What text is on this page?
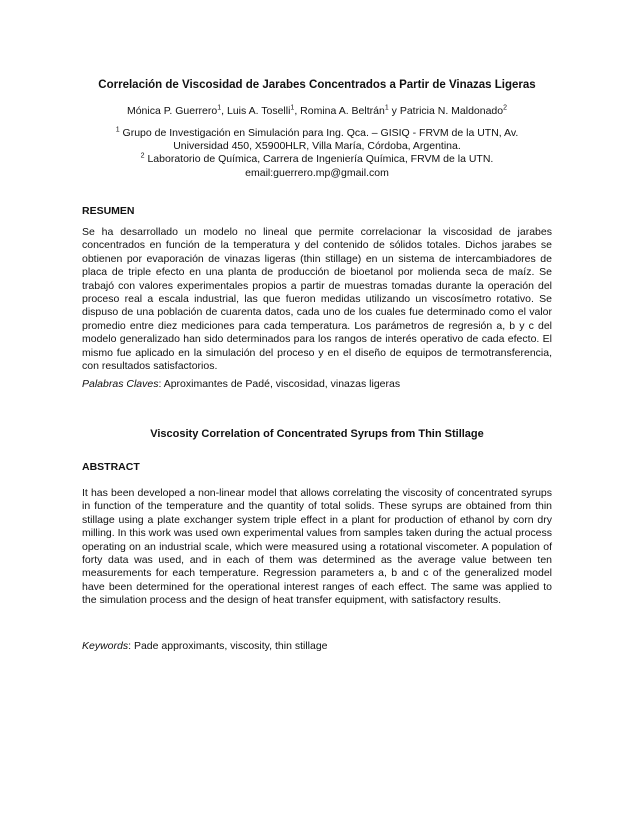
Correlación de Viscosidad de Jarabes Concentrados a Partir de Vinazas Ligeras
Mónica P. Guerrero$^1$, Luis A. Toselli$^1$, Romina A. Beltrán$^1$ y Patricia N. Maldonado$^2$
$^1$ Grupo de Investigación en Simulación para Ing. Qca. – GISIQ - FRVM de la UTN, Av.
Universidad 450, X5900HLR, Villa María, Córdoba, Argentina.
$^2$ Laboratorio de Química, Carrera de Ingeniería Química, FRVM de la UTN.
email:guerrero.mp@gmail.com
RESUMEN

Se ha desarrollado un modelo no lineal que permite correlacionar la viscosidad de jarabes concentrados en función de la temperatura y del contenido de sólidos totales. Dichos jarabes se obtienen por evaporación de vinazas ligeras (thin stillage) en un sistema de intercambiadores de placa de triple efecto en una planta de producción de bioetanol por molienda seca de maíz. Se trabajó con valores experimentales propios a partir de muestras tomadas durante la operación del proceso real a escala industrial, las que fueron medidas utilizando un viscosímetro rotativo. Se dispuso de una población de cuarenta datos, cada uno de los cuales fue determinado como el valor promedio entre diez mediciones para cada temperatura. Los parámetros de regresión a, b y c del modelo generalizado han sido determinados para los rangos de interés operativo de cada efecto. El mismo fue aplicado en la simulación del proceso y en el diseño de equipos de termotransferencia, con resultados satisfactorios.

Palabras Claves: Aproximantes de Padé, viscosidad, vinazas ligeras
Viscosity Correlation of Concentrated Syrups from Thin Stillage
ABSTRACT

It has been developed a non-linear model that allows correlating the viscosity of concentrated syrups in function of the temperature and the quantity of total solids. These syrups are obtained from thin stillage using a plate exchanger system triple effect in a plant for production of ethanol by corn dry milling. In this work was used own experimental values from samples taken during the actual process operating on an industrial scale, which were measured using a rotational viscometer. A population of forty data was used, and in each of them was determined as the average value between ten measurements for each temperature. Regression parameters a, b and c of the generalized model have been determined for the operational interest ranges of each effect. The same was applied to the simulation process and the design of heat transfer equipment, with satisfactory results.

Keywords: Pade approximants, viscosity, thin stillage
